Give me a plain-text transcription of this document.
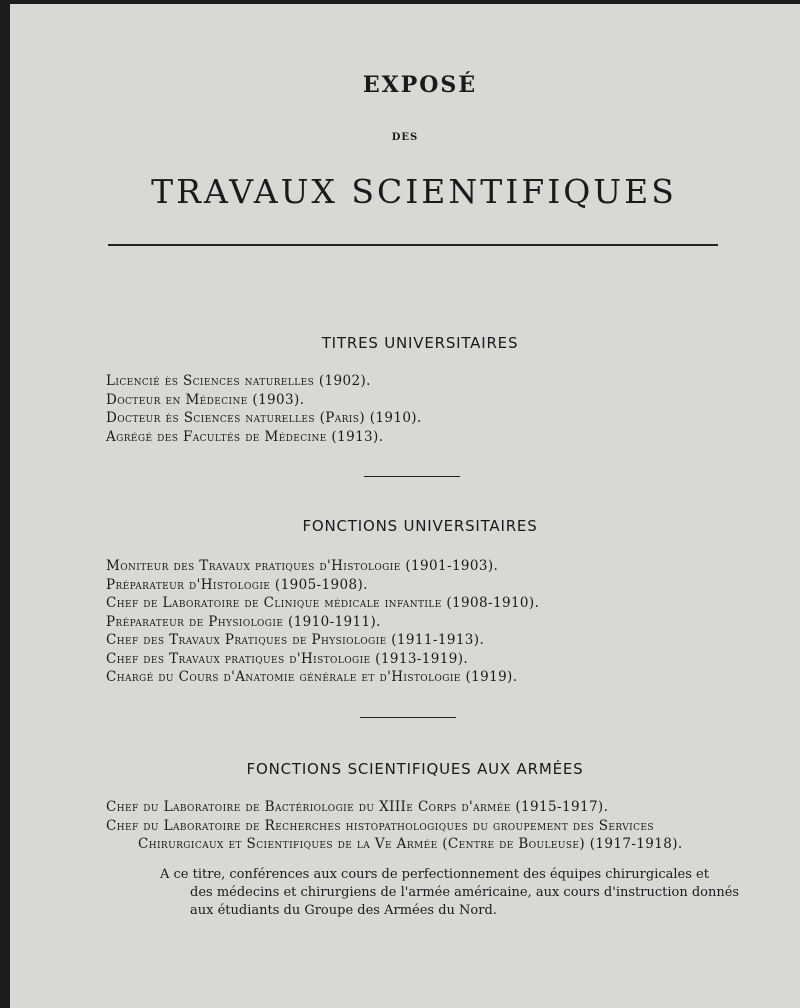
EXPOSÉ
DES
TRAVAUX SCIENTIFIQUES
TITRES UNIVERSITAIRES
Licencié ès Sciences naturelles (1902).
Docteur en Médecine (1903).
Docteur ès Sciences naturelles (Paris) (1910).
Agrégé des Facultés de Médecine (1913).
FONCTIONS UNIVERSITAIRES
Moniteur des Travaux pratiques d'Histologie (1901-1903).
Préparateur d'Histologie (1905-1908).
Chef de Laboratoire de Clinique médicale infantile (1908-1910).
Préparateur de Physiologie (1910-1911).
Chef des Travaux Pratiques de Physiologie (1911-1913).
Chef des Travaux pratiques d'Histologie (1913-1919).
Chargé du Cours d'Anatomie générale et d'Histologie (1919).
FONCTIONS SCIENTIFIQUES AUX ARMÉES
Chef du Laboratoire de Bactériologie du XIIIe Corps d'armée (1915-1917).
Chef du Laboratoire de Recherches histopathologiques du groupement des Services
Chirurgicaux et Scientifiques de la Ve Armée (Centre de Bouleuse) (1917-1918).

A ce titre, conférences aux cours de perfectionnement des équipes chirurgicales et
des médecins et chirurgiens de l'armée américaine, aux cours d'instruction donnés
aux étudiants du Groupe des Armées du Nord.
